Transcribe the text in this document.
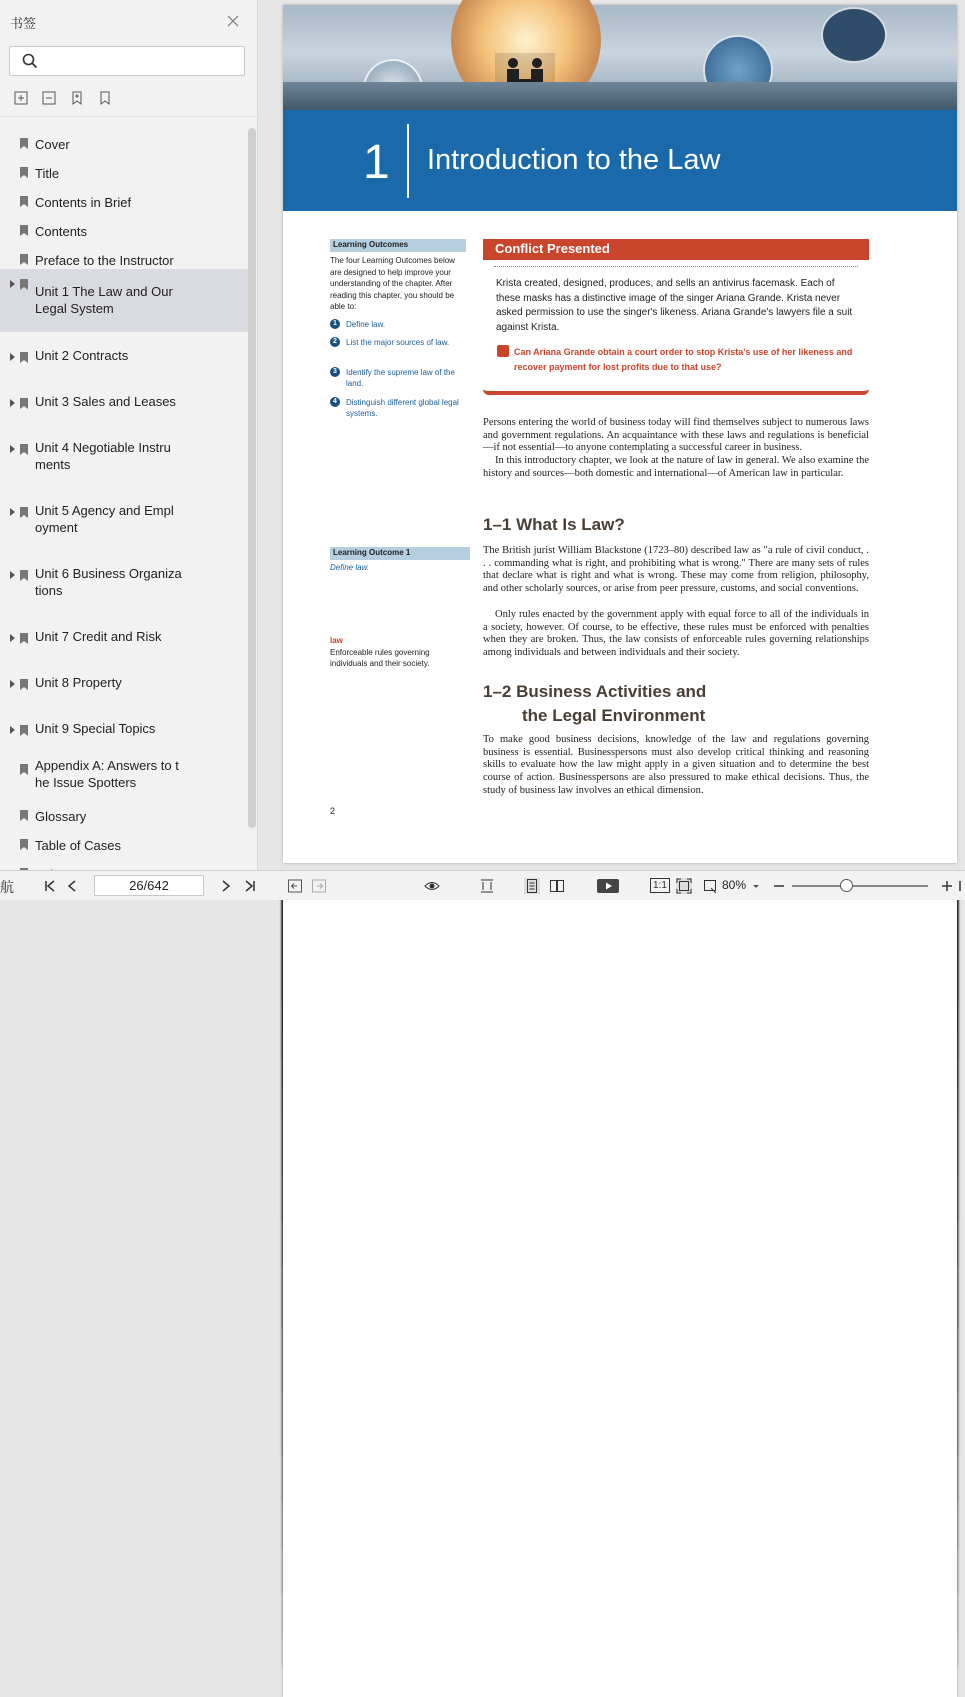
书签
Cover
Title
Contents in Brief
Contents
Preface to the Instructor
Unit 1 The Law and Our Legal System
Unit 2 Contracts
Unit 3 Sales and Leases
Unit 4 Negotiable Instru ments
Unit 5 Agency and Empl oyment
Unit 6 Business Organiza tions
Unit 7 Credit and Risk
Unit 8 Property
Unit 9 Special Topics
Appendix A: Answers to t he Issue Spotters
Glossary
Table of Cases
1 Introduction to the Law
Learning Outcomes
The four Learning Outcomes below are designed to help improve your understanding of the chapter. After reading this chapter, you should be able to:
1	Define law.
2	List the major sources of law.
3	Identify the supreme law of the land.
4	Distinguish different global legal systems.
Conflict Presented
Krista created, designed, produces, and sells an antivirus facemask. Each of these masks has a distinctive image of the singer Ariana Grande. Krista never asked permission to use the singer's likeness. Ariana Grande's lawyers file a suit against Krista.
Can Ariana Grande obtain a court order to stop Krista's use of her likeness and recover payment for lost profits due to that use?
Persons entering the world of business today will find themselves subject to numerous laws and government regulations. An acquaintance with these laws and regulations is beneficial—if not essential—to anyone contemplating a successful career in business.
In this introductory chapter, we look at the nature of law in general. We also examine the history and sources—both domestic and international—of American law in particular.
1–1 What Is Law?
Learning Outcome 1
Define law.
The British jurist William Blackstone (1723–80) described law as "a rule of civil conduct, . . . commanding what is right, and prohibiting what is wrong." There are many sets of rules that declare what is right and what is wrong. These may come from religion, philosophy, and other scholarly sources, or arise from peer pressure, customs, and social conventions.
Only rules enacted by the government apply with equal force to all of the individuals in a society, however. Of course, to be effective, these rules must be enforced with penalties when they are broken. Thus, the law consists of enforceable rules governing relationships among individuals and between individuals and their society.
law
Enforceable rules governing individuals and their society.
1–2 Business Activities and
the Legal Environment
To make good business decisions, knowledge of the law and regulations governing business is essential. Businesspersons must also develop critical thinking and reasoning skills to evaluate how the law might apply in a given situation and to determine the best course of action. Businesspersons are also pressured to make ethical decisions. Thus, the study of business law involves an ethical dimension.
2
航	26/642	1:1	80%
